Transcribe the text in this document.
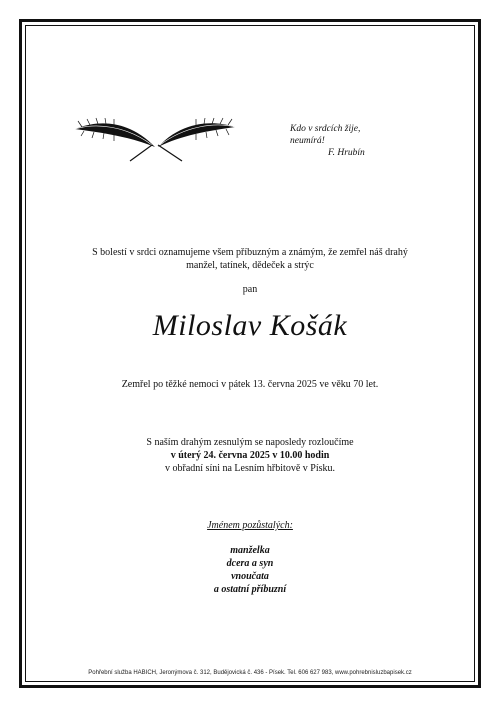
Kdo v srdcích žije,
neumírá!

F. Hrubín
S bolestí v srdci oznamujeme všem příbuzným a známým, že zemřel náš drahý
manžel, tatínek, dědeček a strýc
pan
Miloslav Košák
Zemřel po těžké nemoci v pátek 13. června 2025 ve věku 70 let.
S naším drahým zesnulým se naposledy rozloučíme
v úterý 24. června 2025 v 10.00 hodin
v obřadní síni na Lesním hřbitově v Písku.
Jménem pozůstalých:
manželka
dcera a syn
vnoučata
a ostatní příbuzní
Pohřební služba HABICH, Jeronýmova č. 312, Budějovická č. 436 - Písek. Tel. 606 627 983, www.pohrebnisluzbapisek.cz
